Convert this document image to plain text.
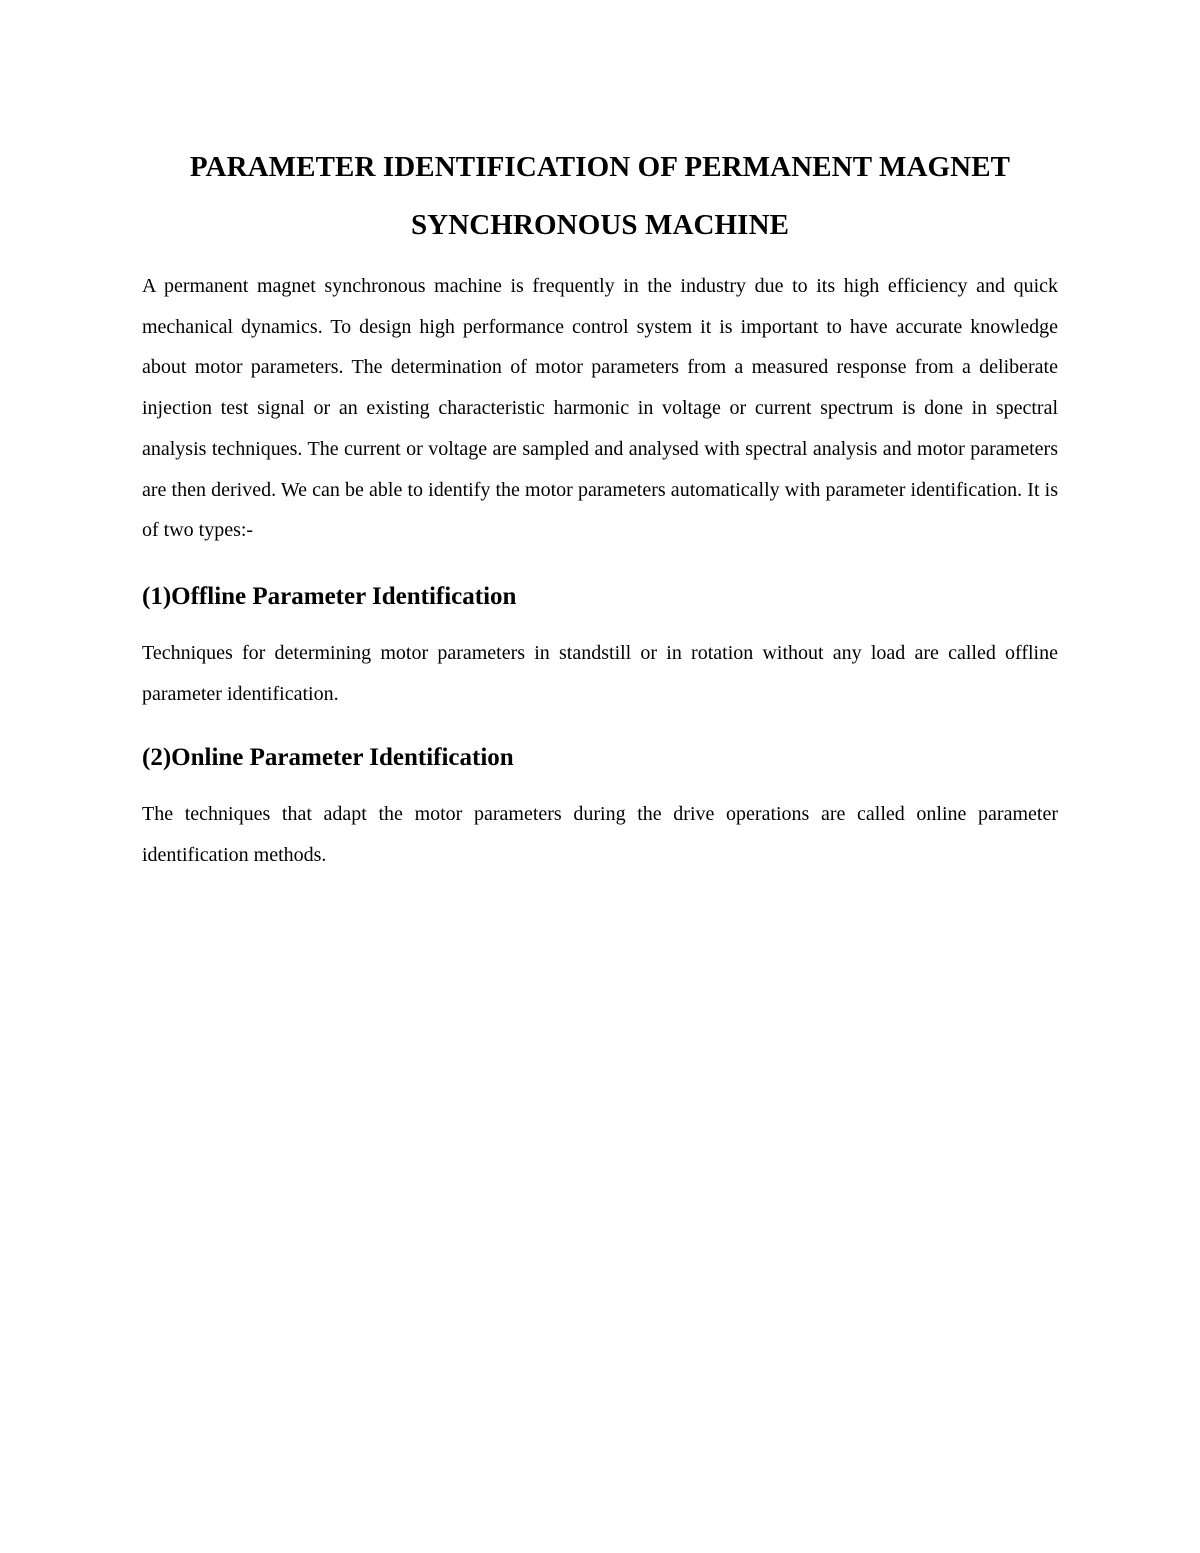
PARAMETER IDENTIFICATION OF PERMANENT MAGNET
SYNCHRONOUS MACHINE

A permanent magnet synchronous machine is frequently in the industry due to its high efficiency and quick mechanical dynamics. To design high performance control system it is important to have accurate knowledge about motor parameters. The determination of motor parameters from a measured response from a deliberate injection test signal or an existing characteristic harmonic in voltage or current spectrum is done in spectral analysis techniques. The current or voltage are sampled and analysed with spectral analysis and motor parameters are then derived. We can be able to identify the motor parameters automatically with parameter identification. It is of two types:-

(1)Offline Parameter Identification

Techniques for determining motor parameters in standstill or in rotation without any load are called offline parameter identification.

(2)Online Parameter Identification

The techniques that adapt the motor parameters during the drive operations are called online parameter identification methods.
